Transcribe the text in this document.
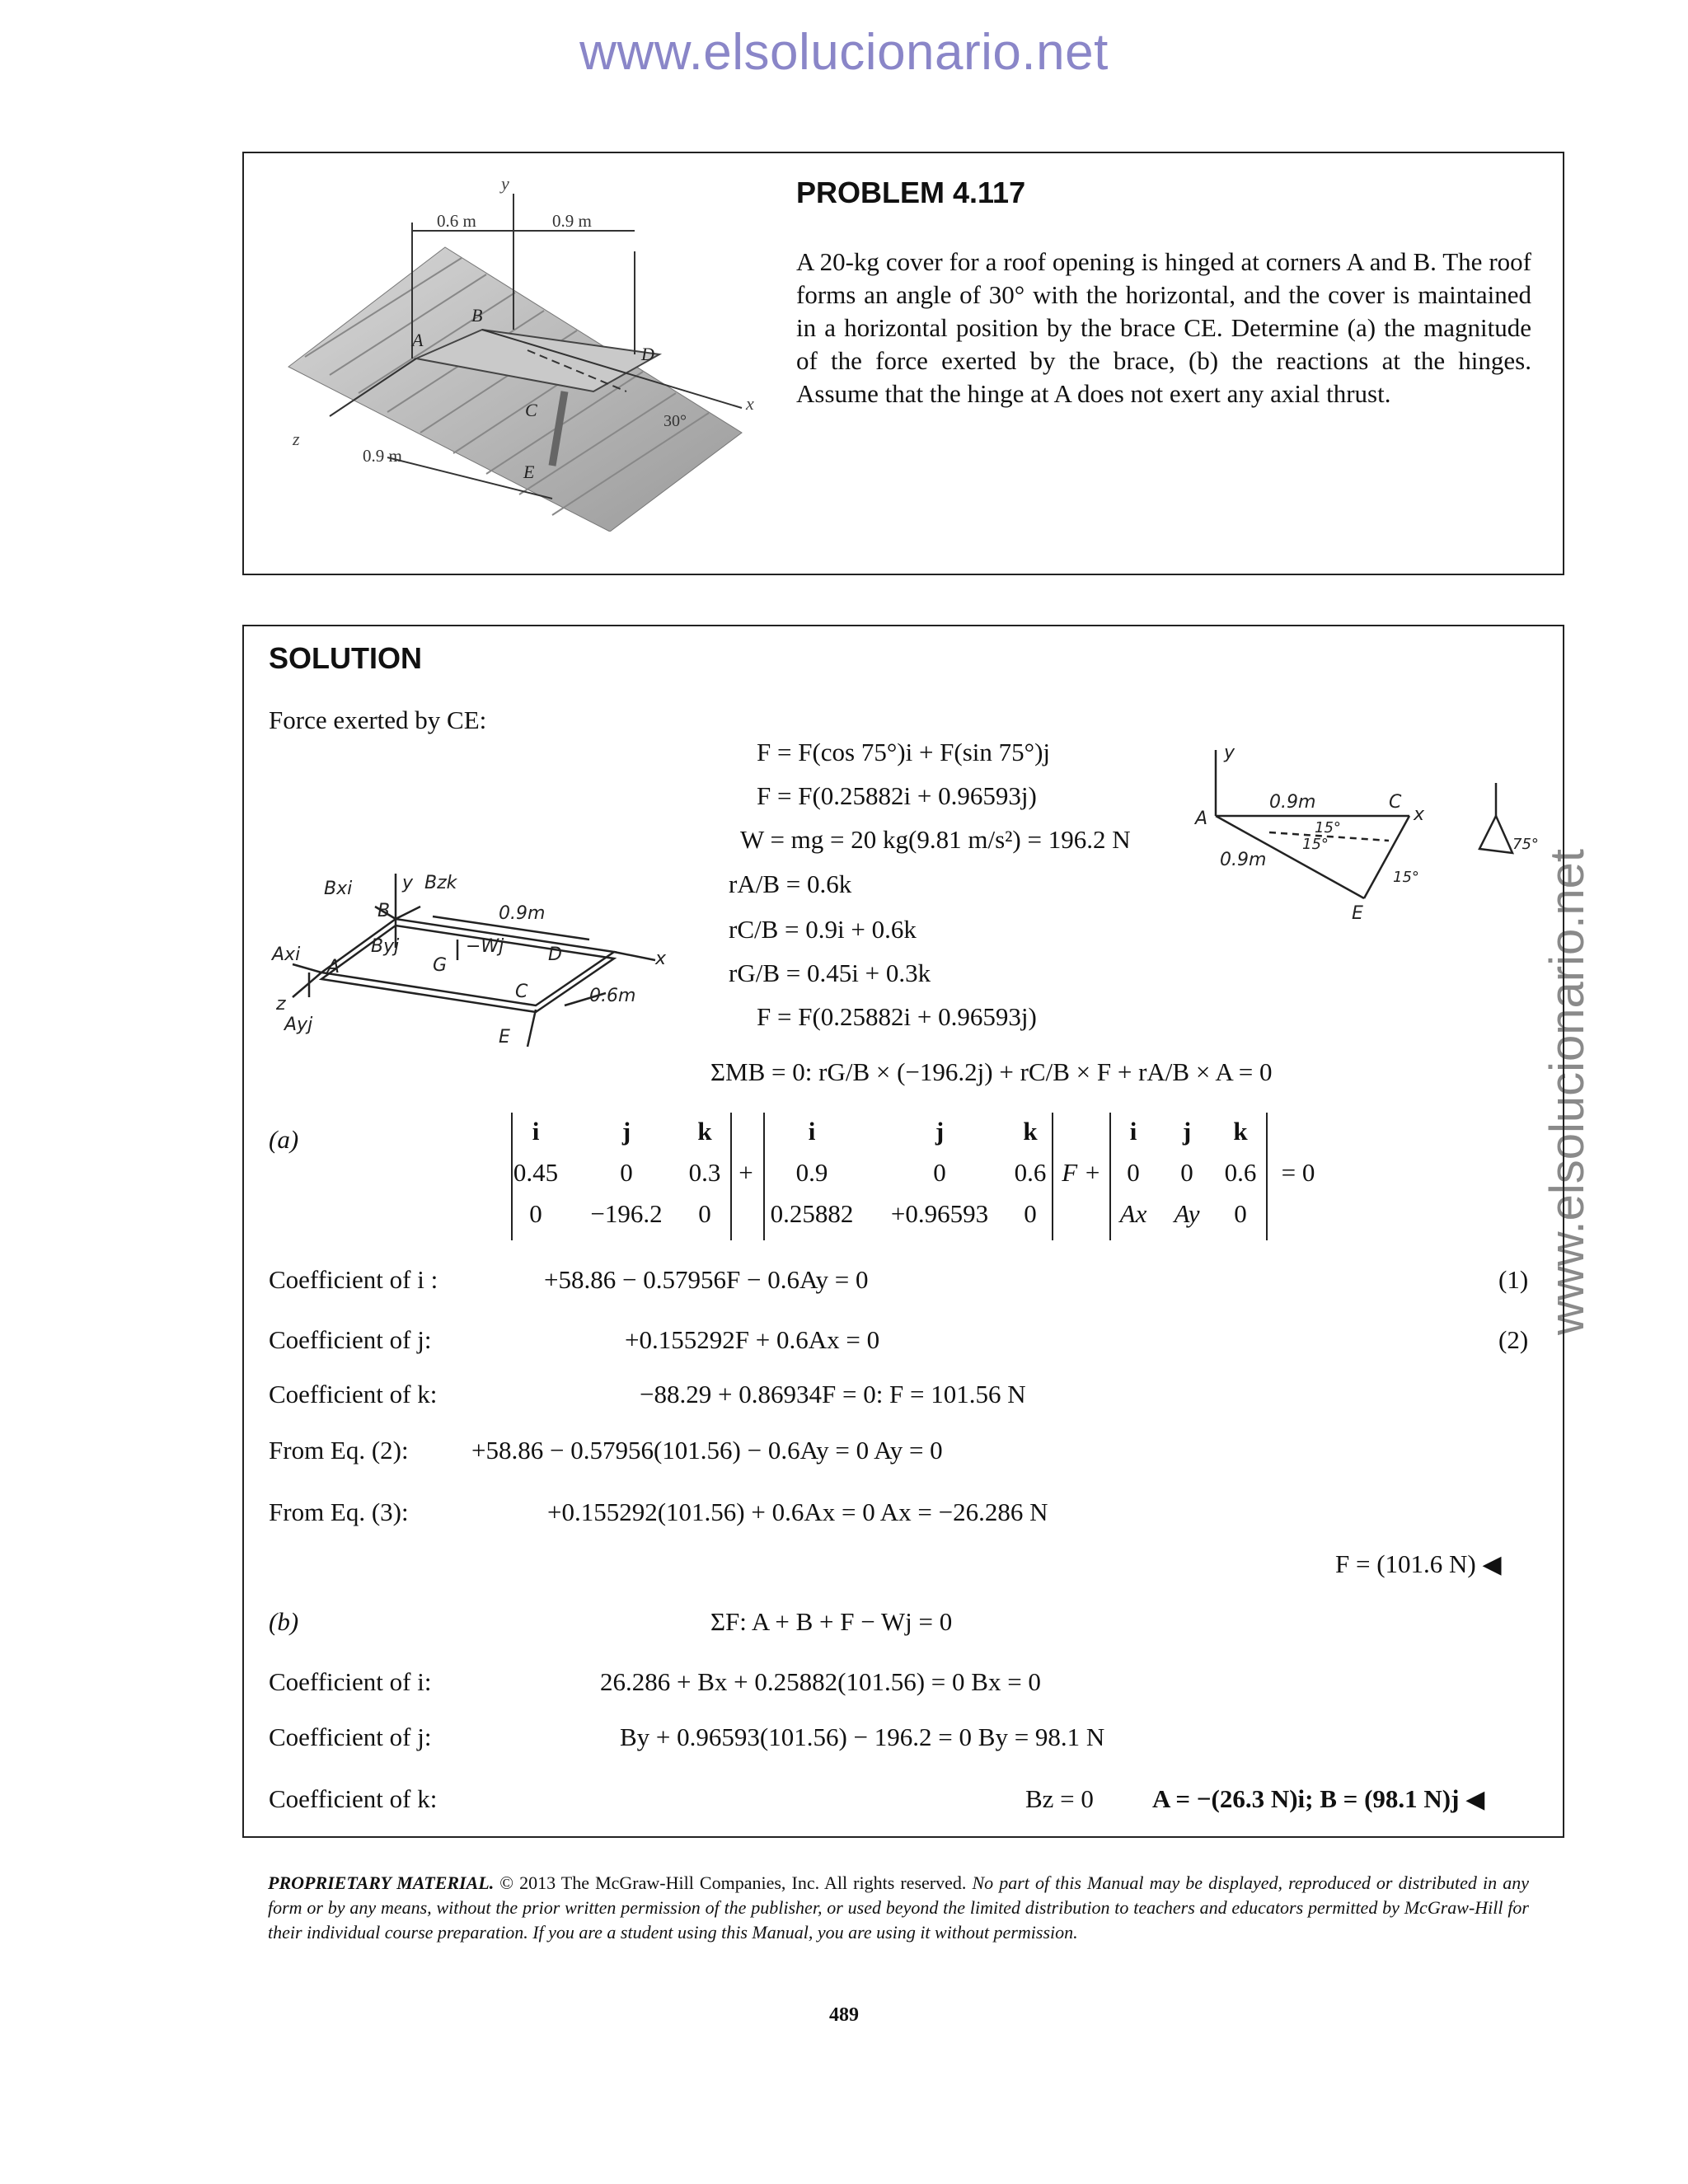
www.elsolucionario.net
www.elsolucionario.net
y
x
z
A
B
C
D
E
0.6 m	0.9 m
0.9 m
30°
PROBLEM 4.117
A 20-kg cover for a roof opening is hinged at corners A and B. The roof forms an angle of 30° with the horizontal, and the cover is maintained in a horizontal position by the brace CE. Determine (a) the magnitude of the force exerted by the brace, (b) the reactions at the hinges. Assume that the hinge at A does not exert any axial thrust.
SOLUTION
Force exerted by CE:
F = F(cos 75°)i + F(sin 75°)j
F = F(0.25882i + 0.96593j)
W = mg = 20 kg(9.81 m/s²) = 196.2 N
rA/B = 0.6k
rC/B = 0.9i + 0.6k
rG/B = 0.45i + 0.3k
F = F(0.25882i + 0.96593j)
ΣMB = 0: rG/B × (−196.2j) + rC/B × F + rA/B × A = 0
Bxi	y Bzk
B
Axi	Byj	−Wj
G
0.9m
0.6m
A
D
C
E
x
z
Ayj
y
A
0.9m	C
x
15°
15°
0.9m
15°
E
75°
(a)	i	j	k
0.45	0	0.3
0	−196.2	0
+
i	j	k
0.9	0	0.6
0.25882	+0.96593	0
F +
i	j	k
0	0	0.6
Ax	Ay	0
= 0
Coefficient of i :	+58.86 − 0.57956F − 0.6Ay = 0	(1)
Coefficient of j:	+0.155292F + 0.6Ax = 0	(2)
Coefficient of k:	−88.29 + 0.86934F = 0: F = 101.56 N
From Eq. (2): +58.86 − 0.57956(101.56) − 0.6Ay = 0 Ay = 0
From Eq. (3):	+0.155292(101.56) + 0.6Ax = 0 Ax = −26.286 N
F = (101.6 N) ◀
(b)	ΣF: A + B + F − Wj = 0
Coefficient of i:	26.286 + Bx + 0.25882(101.56) = 0 Bx = 0
Coefficient of j:	By + 0.96593(101.56) − 196.2 = 0 By = 98.1 N
Coefficient of k:	Bz = 0 A = −(26.3 N)i; B = (98.1 N)j ◀
PROPRIETARY MATERIAL. © 2013 The McGraw-Hill Companies, Inc. All rights reserved. No part of this Manual may be displayed, reproduced or distributed in any form or by any means, without the prior written permission of the publisher, or used beyond the limited distribution to teachers and educators permitted by McGraw-Hill for their individual course preparation. If you are a student using this Manual, you are using it without permission.
489
